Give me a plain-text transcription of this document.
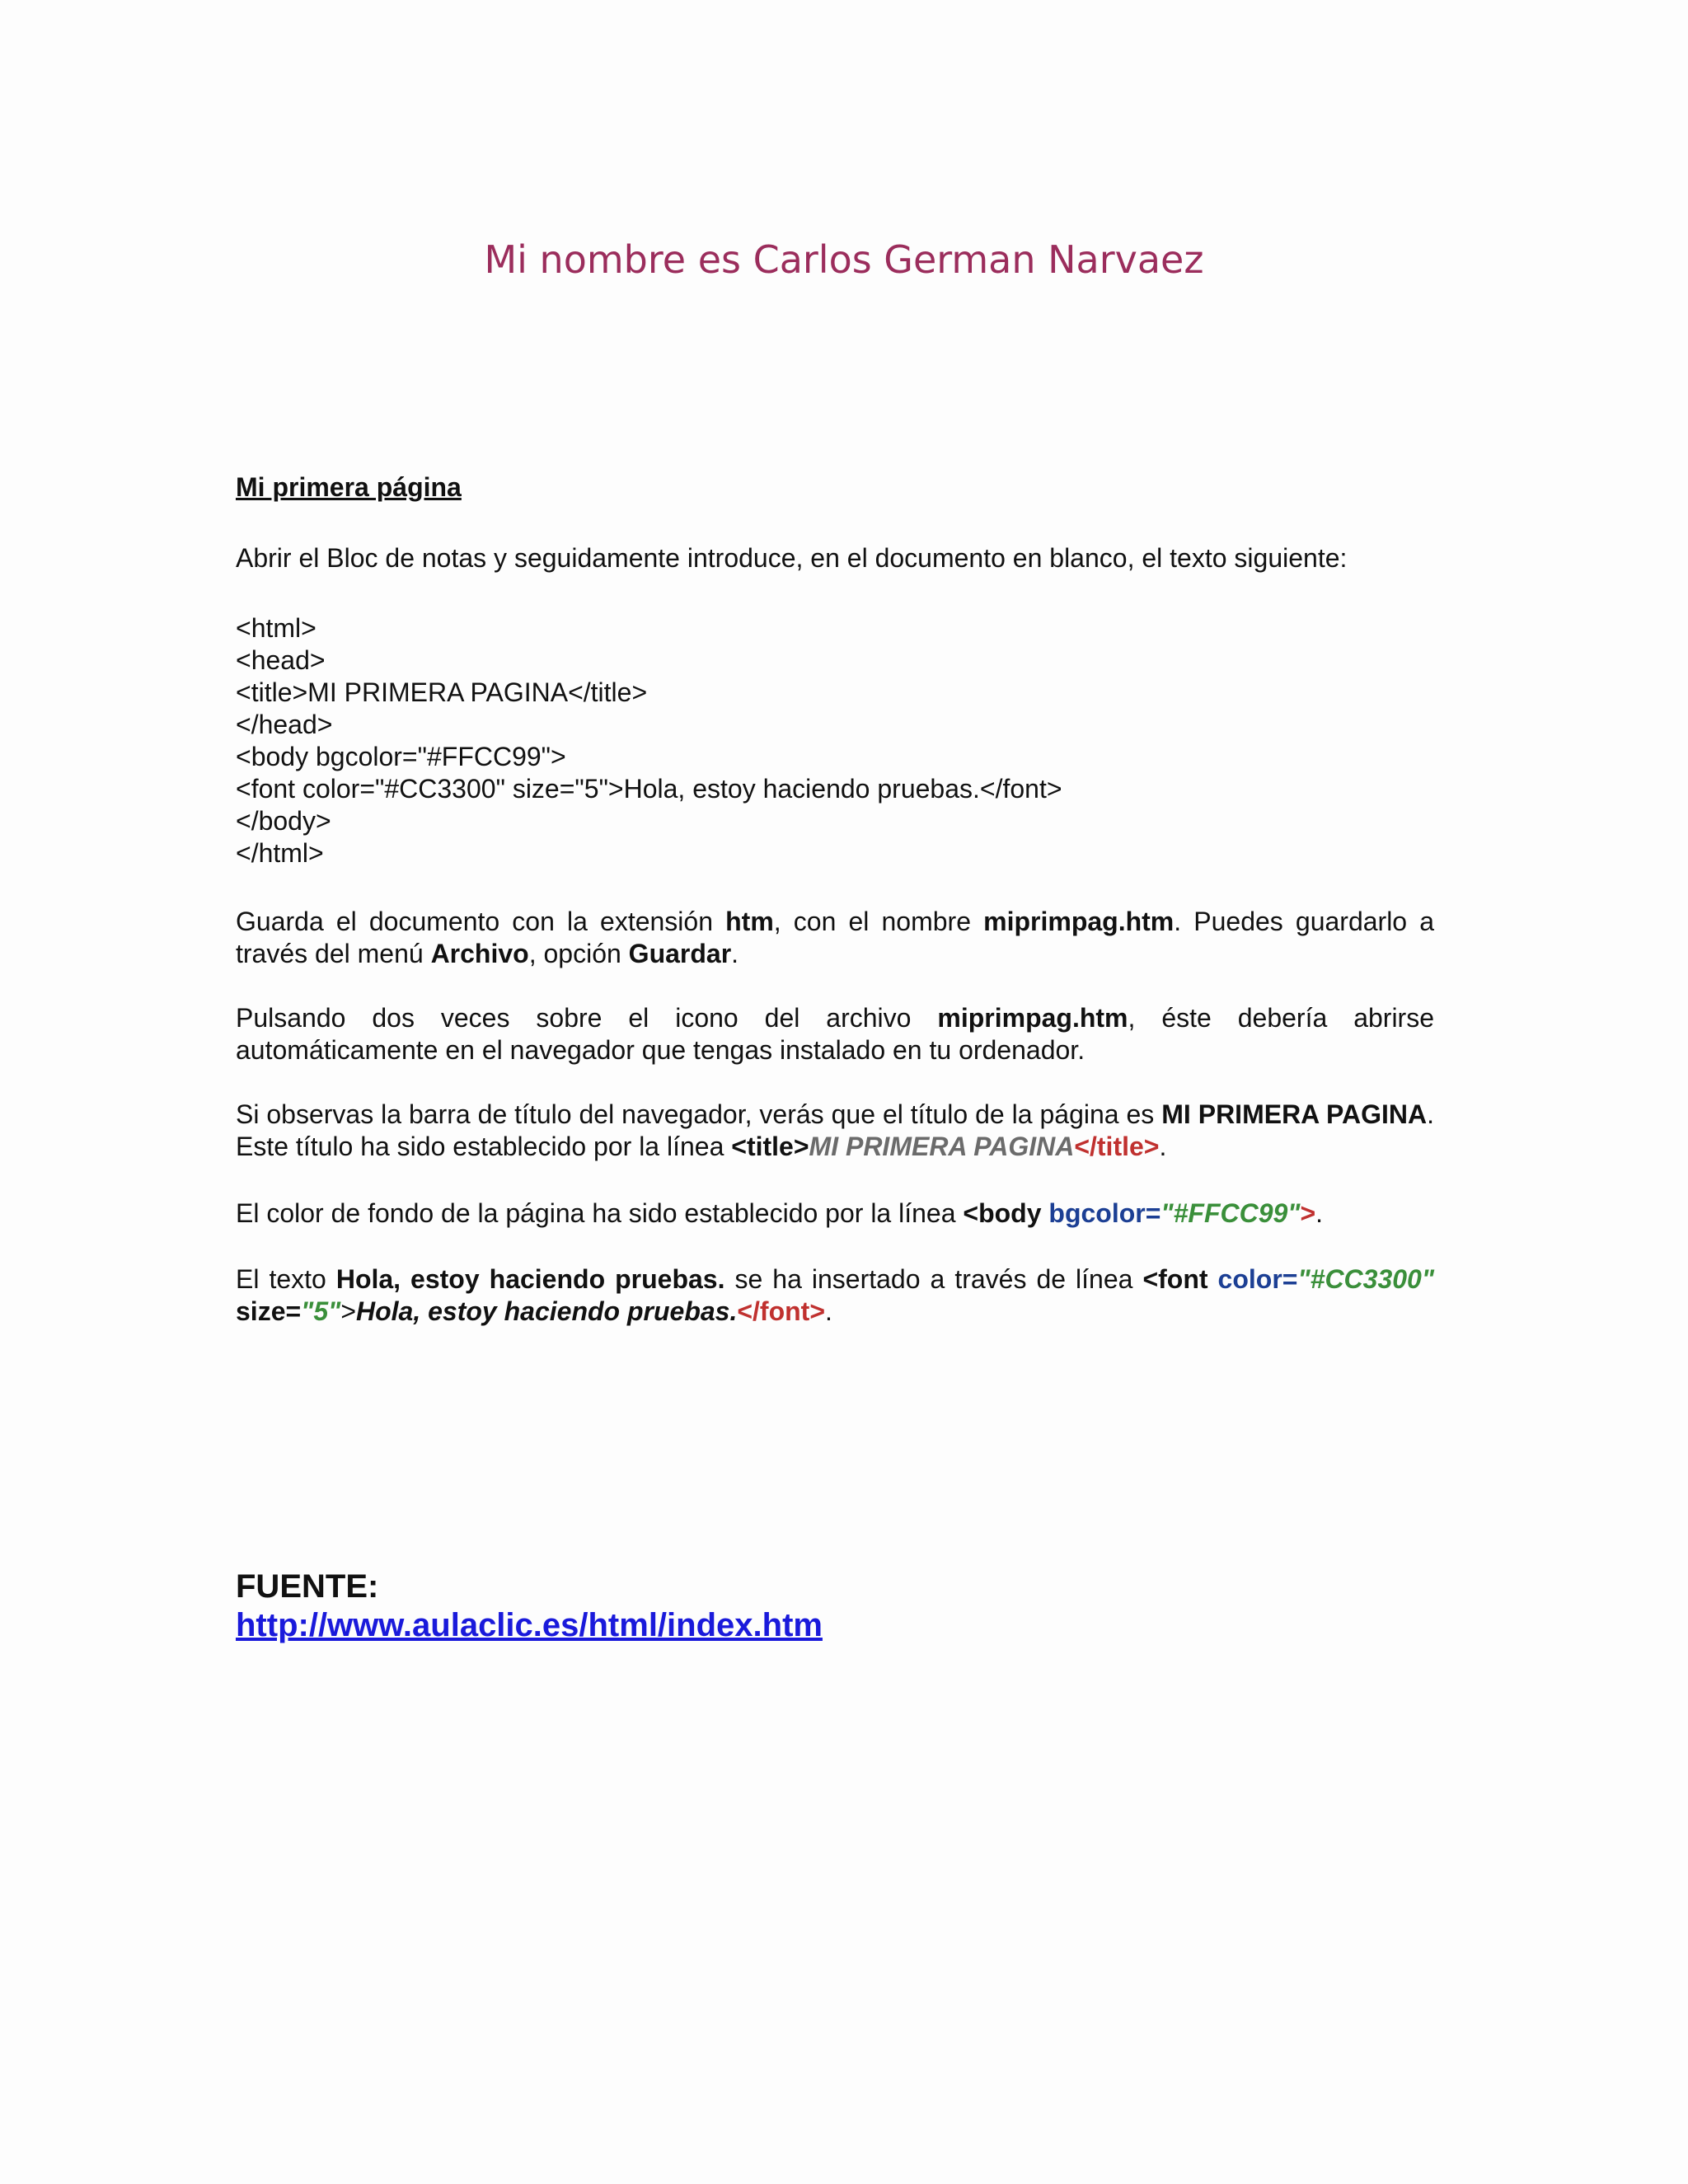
Mi nombre es Carlos German Narvaez
Mi primera página

Abrir el Bloc de notas y seguidamente introduce, en el documento en blanco, el texto siguiente:

<html>
<head>
<title>MI PRIMERA PAGINA</title>
</head>
<body bgcolor="#FFCC99">
<font color="#CC3300" size="5">Hola, estoy haciendo pruebas.</font>
</body>
</html>

Guarda el documento con la extensión htm, con el nombre miprimpag.htm. Puedes guardarlo a través del menú Archivo, opción Guardar.

Pulsando dos veces sobre el icono del archivo miprimpag.htm, éste debería abrirse automáticamente en el navegador que tengas instalado en tu ordenador.

Si observas la barra de título del navegador, verás que el título de la página es MI PRIMERA PAGINA. Este título ha sido establecido por la línea <title>MI PRIMERA PAGINA</title>.

El color de fondo de la página ha sido establecido por la línea <body bgcolor="#FFCC99">.

El texto Hola, estoy haciendo pruebas. se ha insertado a través de línea <font color="#CC3300" size="5">Hola, estoy haciendo pruebas.</font>.

FUENTE:

http://www.aulaclic.es/html/index.htm
